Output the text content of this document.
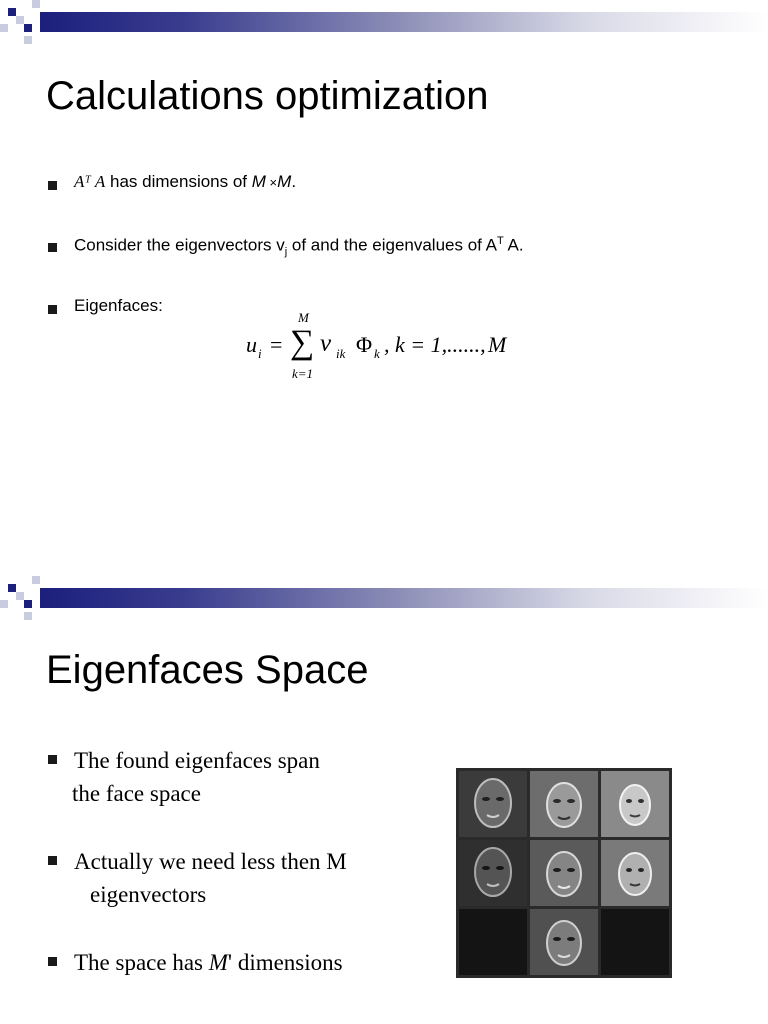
Calculations optimization
Aᵀ A has dimensions of M ×M.
Consider the eigenvectors $v_j$ of and the eigenvalues of $A^T$ A.
Eigenfaces:
u i =
M
∑
k=1
ν ik Φ k , k = 1,......, M
Eigenfaces Space
The found eigenfaces span
the face space
Actually we need less then M
eigenvectors
The space has M' dimensions
